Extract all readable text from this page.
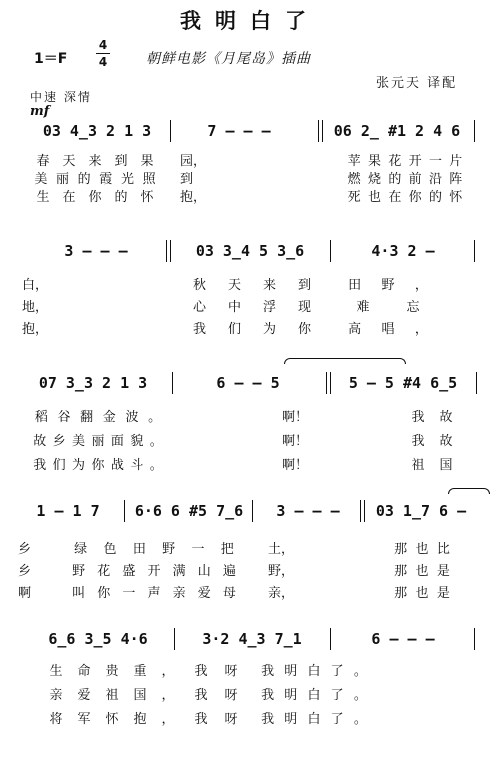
我明白了
1＝F
4
4	朝鲜电影《月尾岛》插曲
张元天 译配
中速 深情
mf
03 4̲3 2 1 3	7 — — —	06 2̲ #1 2 4 6
春 天 来 到 果 园，	苹 果 花 开 一 片
美 丽 的 霞 光 照 到	燃 烧 的 前 沿 阵
生 在 你 的 怀 抱，	死 也 在 你 的 怀
3 — — —	03 3̲4 5 3̲6	4·3 2 —
白，	秋 天 来 到	田 野 ，
地，	心 中 浮 现	难	忘
抱，	我 们 为 你	高 唱 ，
07 3̲3 2 1 3	6 — — 5	5 — 5 #4 6̲5
稻 谷 翻 金 波 。	啊！	我 故
故 乡 美 丽 面 貌 。	啊！	我 故
我 们 为 你 战 斗 。	啊！	祖 国
1 — 1 7	6·6 6 #5 7̲6	3 — — —	03 1̲7 6 —
乡	绿 色 田 野 一 把	土，	那 也 比
乡	野 花 盛 开 满 山 遍 野，	那 也 是
啊	叫 你 一 声 亲 爱 母 亲，	那 也 是
6̲6 3̲5 4·6	3·2 4̲3 7̲1	6 — — —
生 命 贵 重 ， 我 呀 我 明 白 了 。
亲 爱 祖 国 ， 我 呀 我 明 白 了 。
将 军 怀 抱 ， 我 呀 我 明 白 了 。
